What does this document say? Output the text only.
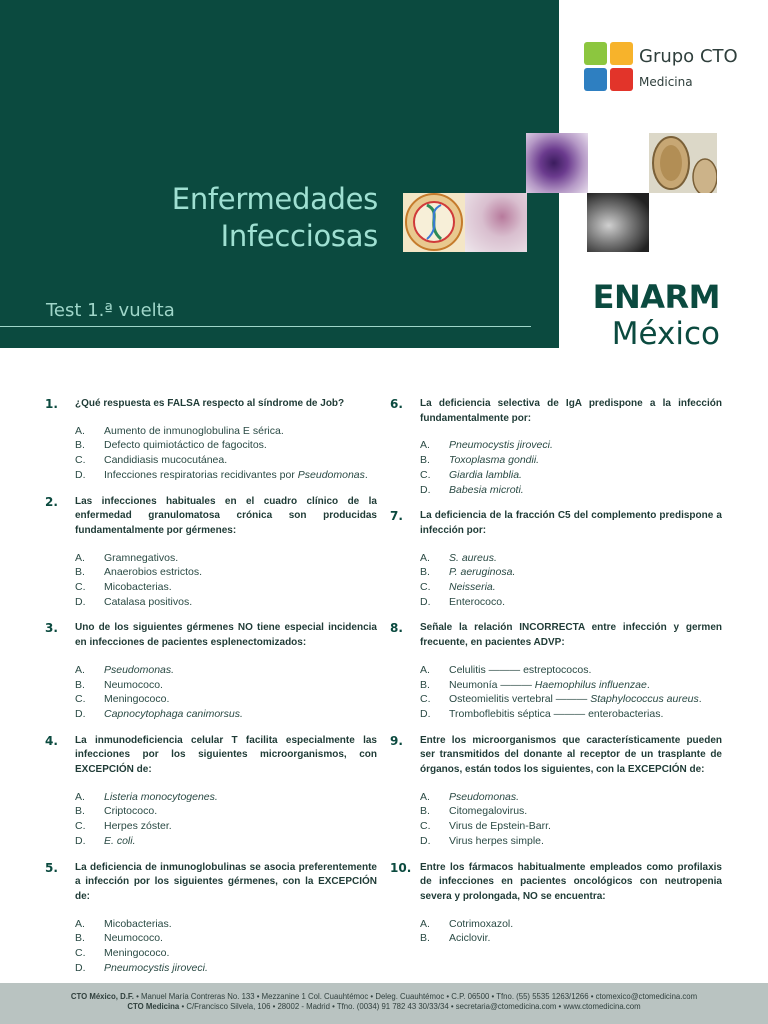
Enfermedades
Infecciosas
Test 1.ª vuelta
Grupo CTO
Medicina
ENARM
México
1. ¿Qué respuesta es FALSA respecto al síndrome de Job?
A. Aumento de inmunoglobulina E sérica.
B. Defecto quimiotáctico de fagocitos.
C. Candidiasis mucocutánea.
D. Infecciones respiratorias recidivantes por Pseudomonas.
2. Las infecciones habituales en el cuadro clínico de la enfermedad granulomatosa crónica son producidas fundamentalmente por gérmenes:
A. Gramnegativos.
B. Anaerobios estrictos.
C. Micobacterias.
D. Catalasa positivos.
3. Uno de los siguientes gérmenes NO tiene especial incidencia en infecciones de pacientes esplenectomizados:
A. Pseudomonas.
B. Neumococo.
C. Meningococo.
D. Capnocytophaga canimorsus.
4. La inmunodeficiencia celular T facilita especialmente las infecciones por los siguientes microorganismos, con EXCEPCIÓN de:
A. Listeria monocytogenes.
B. Criptococo.
C. Herpes zóster.
D. E. coli.
5. La deficiencia de inmunoglobulinas se asocia preferentemente a infección por los siguientes gérmenes, con la EXCEPCIÓN de:
A. Micobacterias.
B. Neumococo.
C. Meningococo.
D. Pneumocystis jiroveci.
6. La deficiencia selectiva de IgA predispone a la infección fundamentalmente por:
A. Pneumocystis jiroveci.
B. Toxoplasma gondii.
C. Giardia lamblia.
D. Babesia microti.
7. La deficiencia de la fracción C5 del complemento predispone a infección por:
A. S. aureus.
B. P. aeruginosa.
C. Neisseria.
D. Enterococo.
8. Señale la relación INCORRECTA entre infección y germen frecuente, en pacientes ADVP:
A. Celulitis ——— estreptococos.
B. Neumonía ——— Haemophilus influenzae.
C. Osteomielitis vertebral ——— Staphylococcus aureus.
D. Tromboflebitis séptica ——— enterobacterias.
9. Entre los microorganismos que característicamente pueden ser transmitidos del donante al receptor de un trasplante de órganos, están todos los siguientes, con la EXCEPCIÓN de:
A. Pseudomonas.
B. Citomegalovirus.
C. Virus de Epstein-Barr.
D. Virus herpes simple.
10. Entre los fármacos habitualmente empleados como profilaxis de infecciones en pacientes oncológicos con neutropenia severa y prolongada, NO se encuentra:
A. Cotrimoxazol.
B. Aciclovir.

CTO México, D.F. • Manuel María Contreras No. 133 • Mezzanine 1 Col. Cuauhtémoc • Deleg. Cuauhtémoc • C.P. 06500 • Tfno. (55) 5535 1263/1266 • ctomexico@ctomedicina.com

CTO Medicina • C/Francisco Silvela, 106 • 28002 - Madrid • Tfno. (0034) 91 782 43 30/33/34 • secretaria@ctomedicina.com • www.ctomedicina.com
